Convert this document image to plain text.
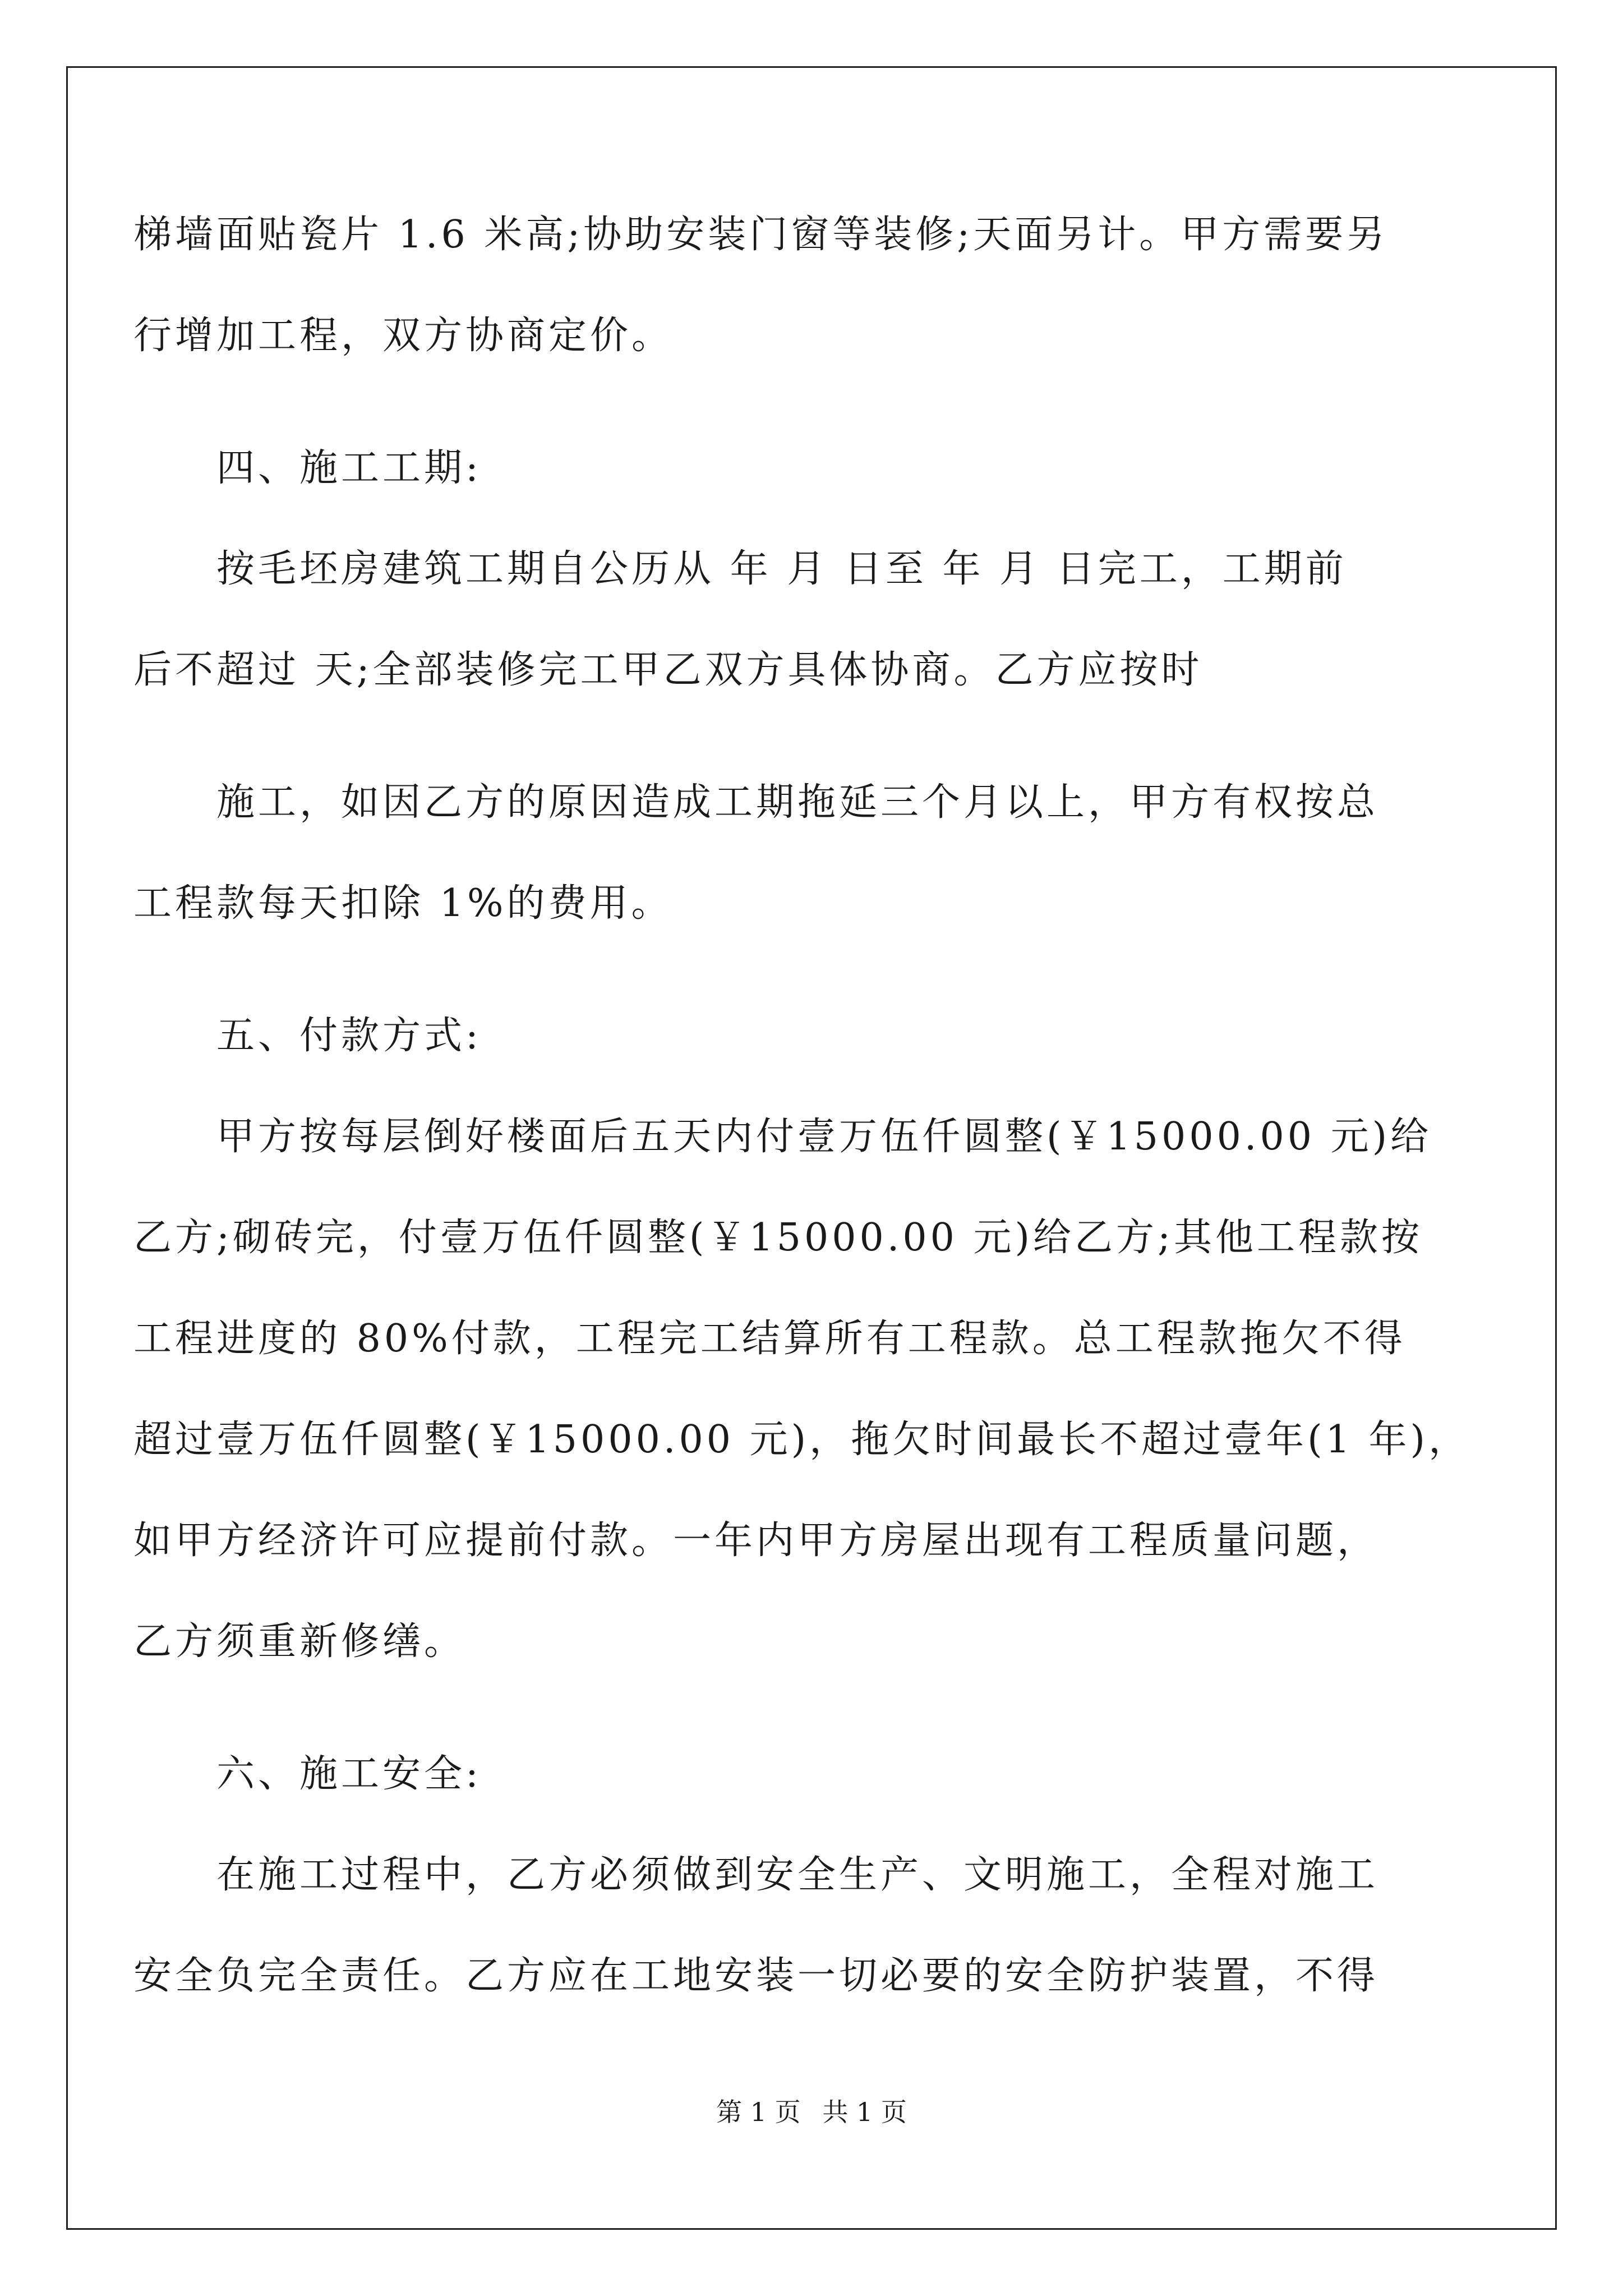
梯墙面贴瓷片 1.6 米高;协助安装门窗等装修;天面另计。甲方需要另
行增加工程，双方协商定价。
四、施工工期:
按毛坯房建筑工期自公历从 年 月 日至 年 月 日完工，工期前
后不超过 天;全部装修完工甲乙双方具体协商。乙方应按时
施工，如因乙方的原因造成工期拖延三个月以上，甲方有权按总
工程款每天扣除 1%的费用。
五、付款方式:
甲方按每层倒好楼面后五天内付壹万伍仟圆整(￥15000.00 元)给
乙方;砌砖完，付壹万伍仟圆整(￥15000.00 元)给乙方;其他工程款按
工程进度的 80%付款，工程完工结算所有工程款。总工程款拖欠不得
超过壹万伍仟圆整(￥15000.00 元)，拖欠时间最长不超过壹年(1 年)，
如甲方经济许可应提前付款。一年内甲方房屋出现有工程质量问题，
乙方须重新修缮。
六、施工安全:
在施工过程中，乙方必须做到安全生产、文明施工，全程对施工
安全负完全责任。乙方应在工地安装一切必要的安全防护装置，不得
第 1 页 共 1 页
